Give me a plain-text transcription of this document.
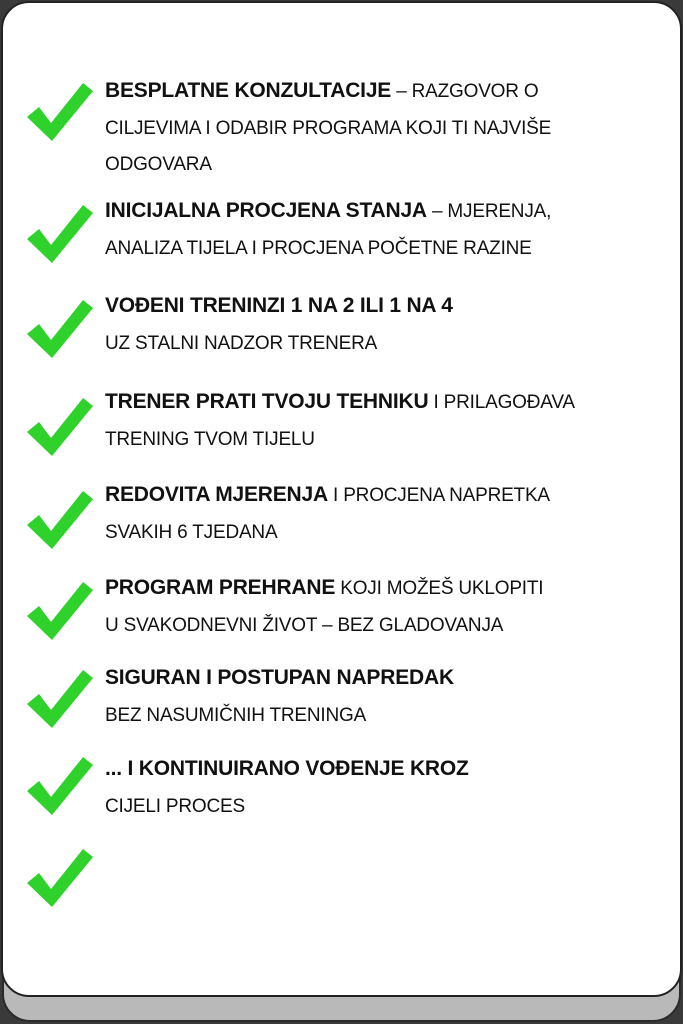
BESPLATNE KONZULTACIJE – RAZGOVOR O
CILJEVIMA I ODABIR PROGRAMA KOJI TI NAJVIŠE
ODGOVARA
INICIJALNA PROCJENA STANJA – MJERENJA,
ANALIZA TIJELA I PROCJENA POČETNE RAZINE
VOĐENI TRENINZI 1 NA 2 ILI 1 NA 4
UZ STALNI NADZOR TRENERA
TRENER PRATI TVOJU TEHNIKU I PRILAGOĐAVA
TRENING TVOM TIJELU
REDOVITA MJERENJA I PROCJENA NAPRETKA
SVAKIH 6 TJEDANA
PROGRAM PREHRANE KOJI MOŽEŠ UKLOPITI
U SVAKODNEVNI ŽIVOT – BEZ GLADOVANJA
SIGURAN I POSTUPAN NAPREDAK
BEZ NASUMIČNIH TRENINGA
... I KONTINUIRANO VOĐENJE KROZ
CIJELI PROCES
